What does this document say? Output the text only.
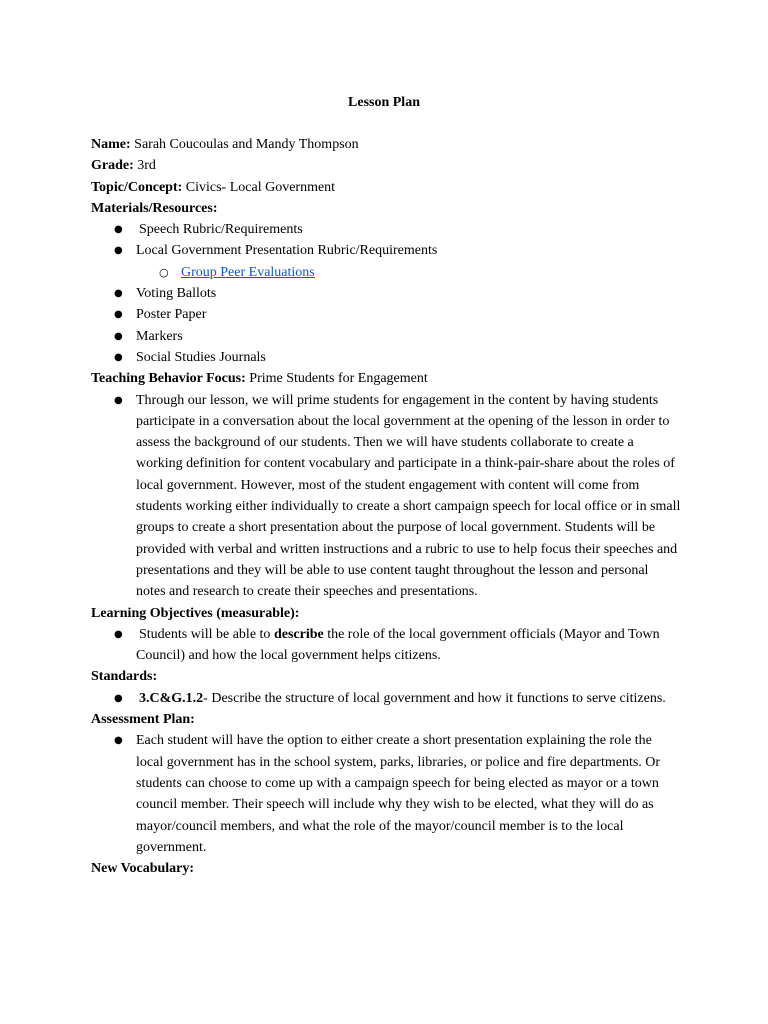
Lesson Plan

Name: Sarah Coucoulas and Mandy Thompson

Grade: 3rd

Topic/Concept: Civics- Local Government

Materials/Resources:

● Speech Rubric/Requirements
● Local Government Presentation Rubric/Requirements
○ Group Peer Evaluations
● Voting Ballots
● Poster Paper
● Markers
● Social Studies Journals

Teaching Behavior Focus: Prime Students for Engagement

● Through our lesson, we will prime students for engagement in the content by having students participate in a conversation about the local government at the opening of the lesson in order to assess the background of our students. Then we will have students collaborate to create a working definition for content vocabulary and participate in a think-pair-share about the roles of local government. However, most of the student engagement with content will come from students working either individually to create a short campaign speech for local office or in small groups to create a short presentation about the purpose of local government. Students will be provided with verbal and written instructions and a rubric to use to help focus their speeches and presentations and they will be able to use content taught throughout the lesson and personal notes and research to create their speeches and presentations.

Learning Objectives (measurable):

● Students will be able to describe the role of the local government officials (Mayor and Town Council) and how the local government helps citizens.

Standards:

● 3.C&G.1.2- Describe the structure of local government and how it functions to serve citizens.

Assessment Plan:

● Each student will have the option to either create a short presentation explaining the role the local government has in the school system, parks, libraries, or police and fire departments. Or students can choose to come up with a campaign speech for being elected as mayor or a town council member. Their speech will include why they wish to be elected, what they will do as mayor/council members, and what the role of the mayor/council member is to the local government.

New Vocabulary:
